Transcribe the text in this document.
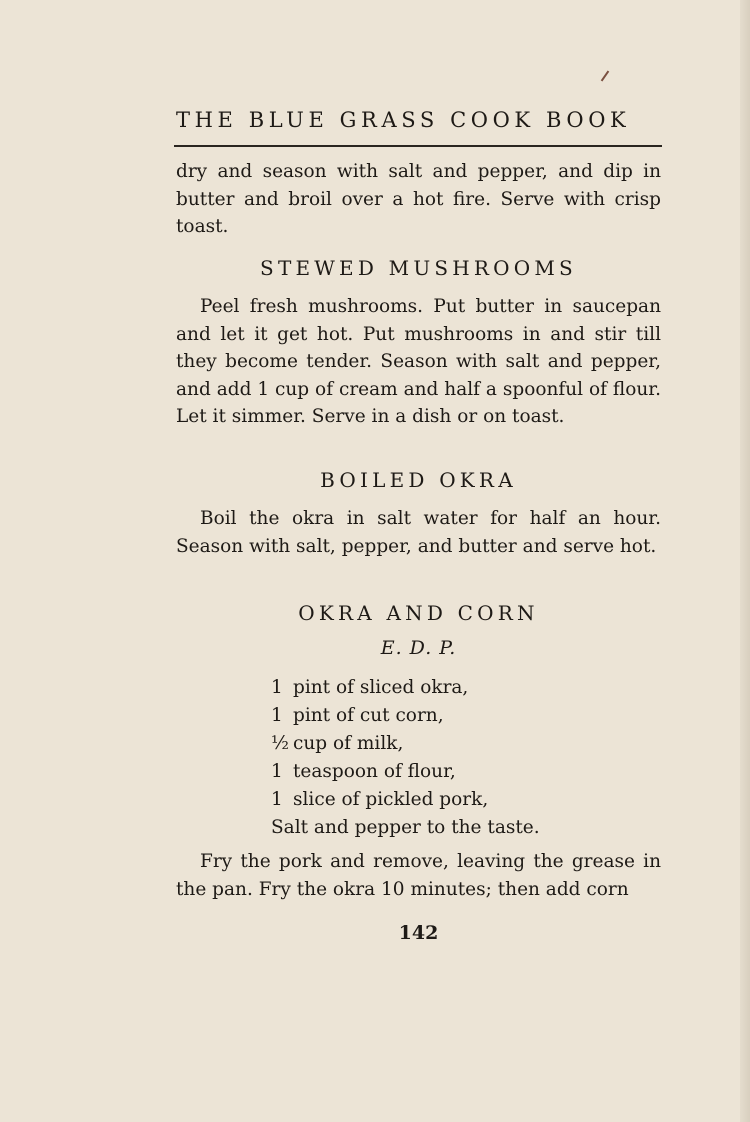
THE BLUE GRASS COOK BOOK

dry and season with salt and pepper, and dip in butter and broil over a hot fire. Serve with crisp toast.

STEWED MUSHROOMS

Peel fresh mushrooms. Put butter in saucepan and let it get hot. Put mushrooms in and stir till they become tender. Season with salt and pepper, and add 1 cup of cream and half a spoonful of flour. Let it simmer. Serve in a dish or on toast.

BOILED OKRA

Boil the okra in salt water for half an hour. Season with salt, pepper, and butter and serve hot.

OKRA AND CORN
E. D. P.
1 pint of sliced okra,
1 pint of cut corn,
½ cup of milk,
1 teaspoon of flour,
1 slice of pickled pork,
Salt and pepper to the taste.

Fry the pork and remove, leaving the grease in the pan. Fry the okra 10 minutes; then add corn

142
